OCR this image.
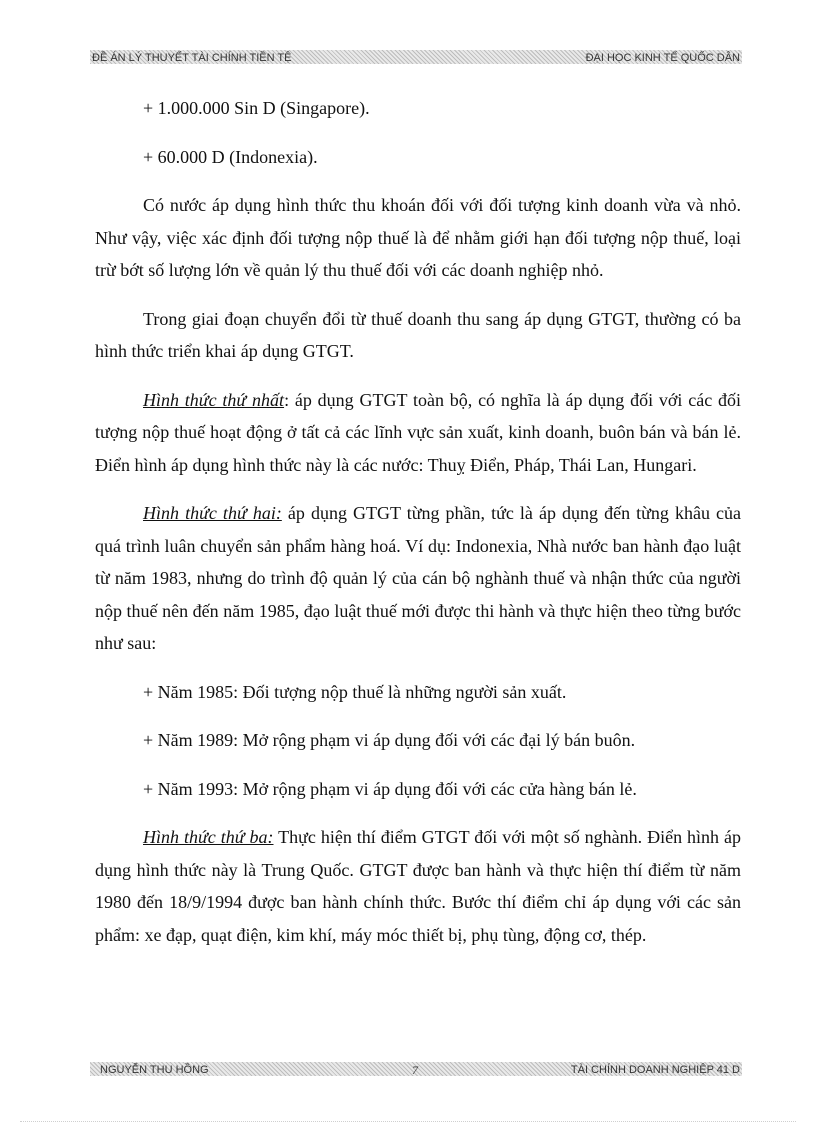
ĐỀ ÁN LÝ THUYẾT TÀI CHÍNH TIỀN TỆ	ĐẠI HỌC KINH TẾ QUỐC DÂN

+ 1.000.000 Sin D (Singapore).

+ 60.000 D (Indonexia).

Có nước áp dụng hình thức thu khoán đối với đối tượng kinh doanh vừa và nhỏ. Như vậy, việc xác định đối tượng nộp thuế là để nhằm giới hạn đối tượng nộp thuế, loại trừ bớt số lượng lớn về quản lý thu thuế đối với các doanh nghiệp nhỏ.

Trong giai đoạn chuyển đổi từ thuế doanh thu sang áp dụng GTGT, thường có ba hình thức triển khai áp dụng GTGT.

Hình thức thứ nhất: áp dụng GTGT toàn bộ, có nghĩa là áp dụng đối với các đối tượng nộp thuế hoạt động ở tất cả các lĩnh vực sản xuất, kinh doanh, buôn bán và bán lẻ. Điển hình áp dụng hình thức này là các nước: Thuỵ Điển, Pháp, Thái Lan, Hungari.

Hình thức thứ hai: áp dụng GTGT từng phần, tức là áp dụng đến từng khâu của quá trình luân chuyển sản phẩm hàng hoá. Ví dụ: Indonexia, Nhà nước ban hành đạo luật từ năm 1983, nhưng do trình độ quản lý của cán bộ nghành thuế và nhận thức của người nộp thuế nên đến năm 1985, đạo luật thuế mới được thi hành và thực hiện theo từng bước như sau:

+ Năm 1985: Đối tượng nộp thuế là những người sản xuất.

+ Năm 1989: Mở rộng phạm vi áp dụng đối với các đại lý bán buôn.

+ Năm 1993: Mở rộng phạm vi áp dụng đối với các cửa hàng bán lẻ.

Hình thức thứ ba: Thực hiện thí điểm GTGT đối với một số nghành. Điển hình áp dụng hình thức này là Trung Quốc. GTGT được ban hành và thực hiện thí điểm từ năm 1980 đến 18/9/1994 được ban hành chính thức. Bước thí điểm chỉ áp dụng với các sản phẩm: xe đạp, quạt điện, kim khí, máy móc thiết bị, phụ tùng, động cơ, thép.

NGUYỄN THU HỒNG	7	TÀI CHÍNH DOANH NGHIỆP 41 D
